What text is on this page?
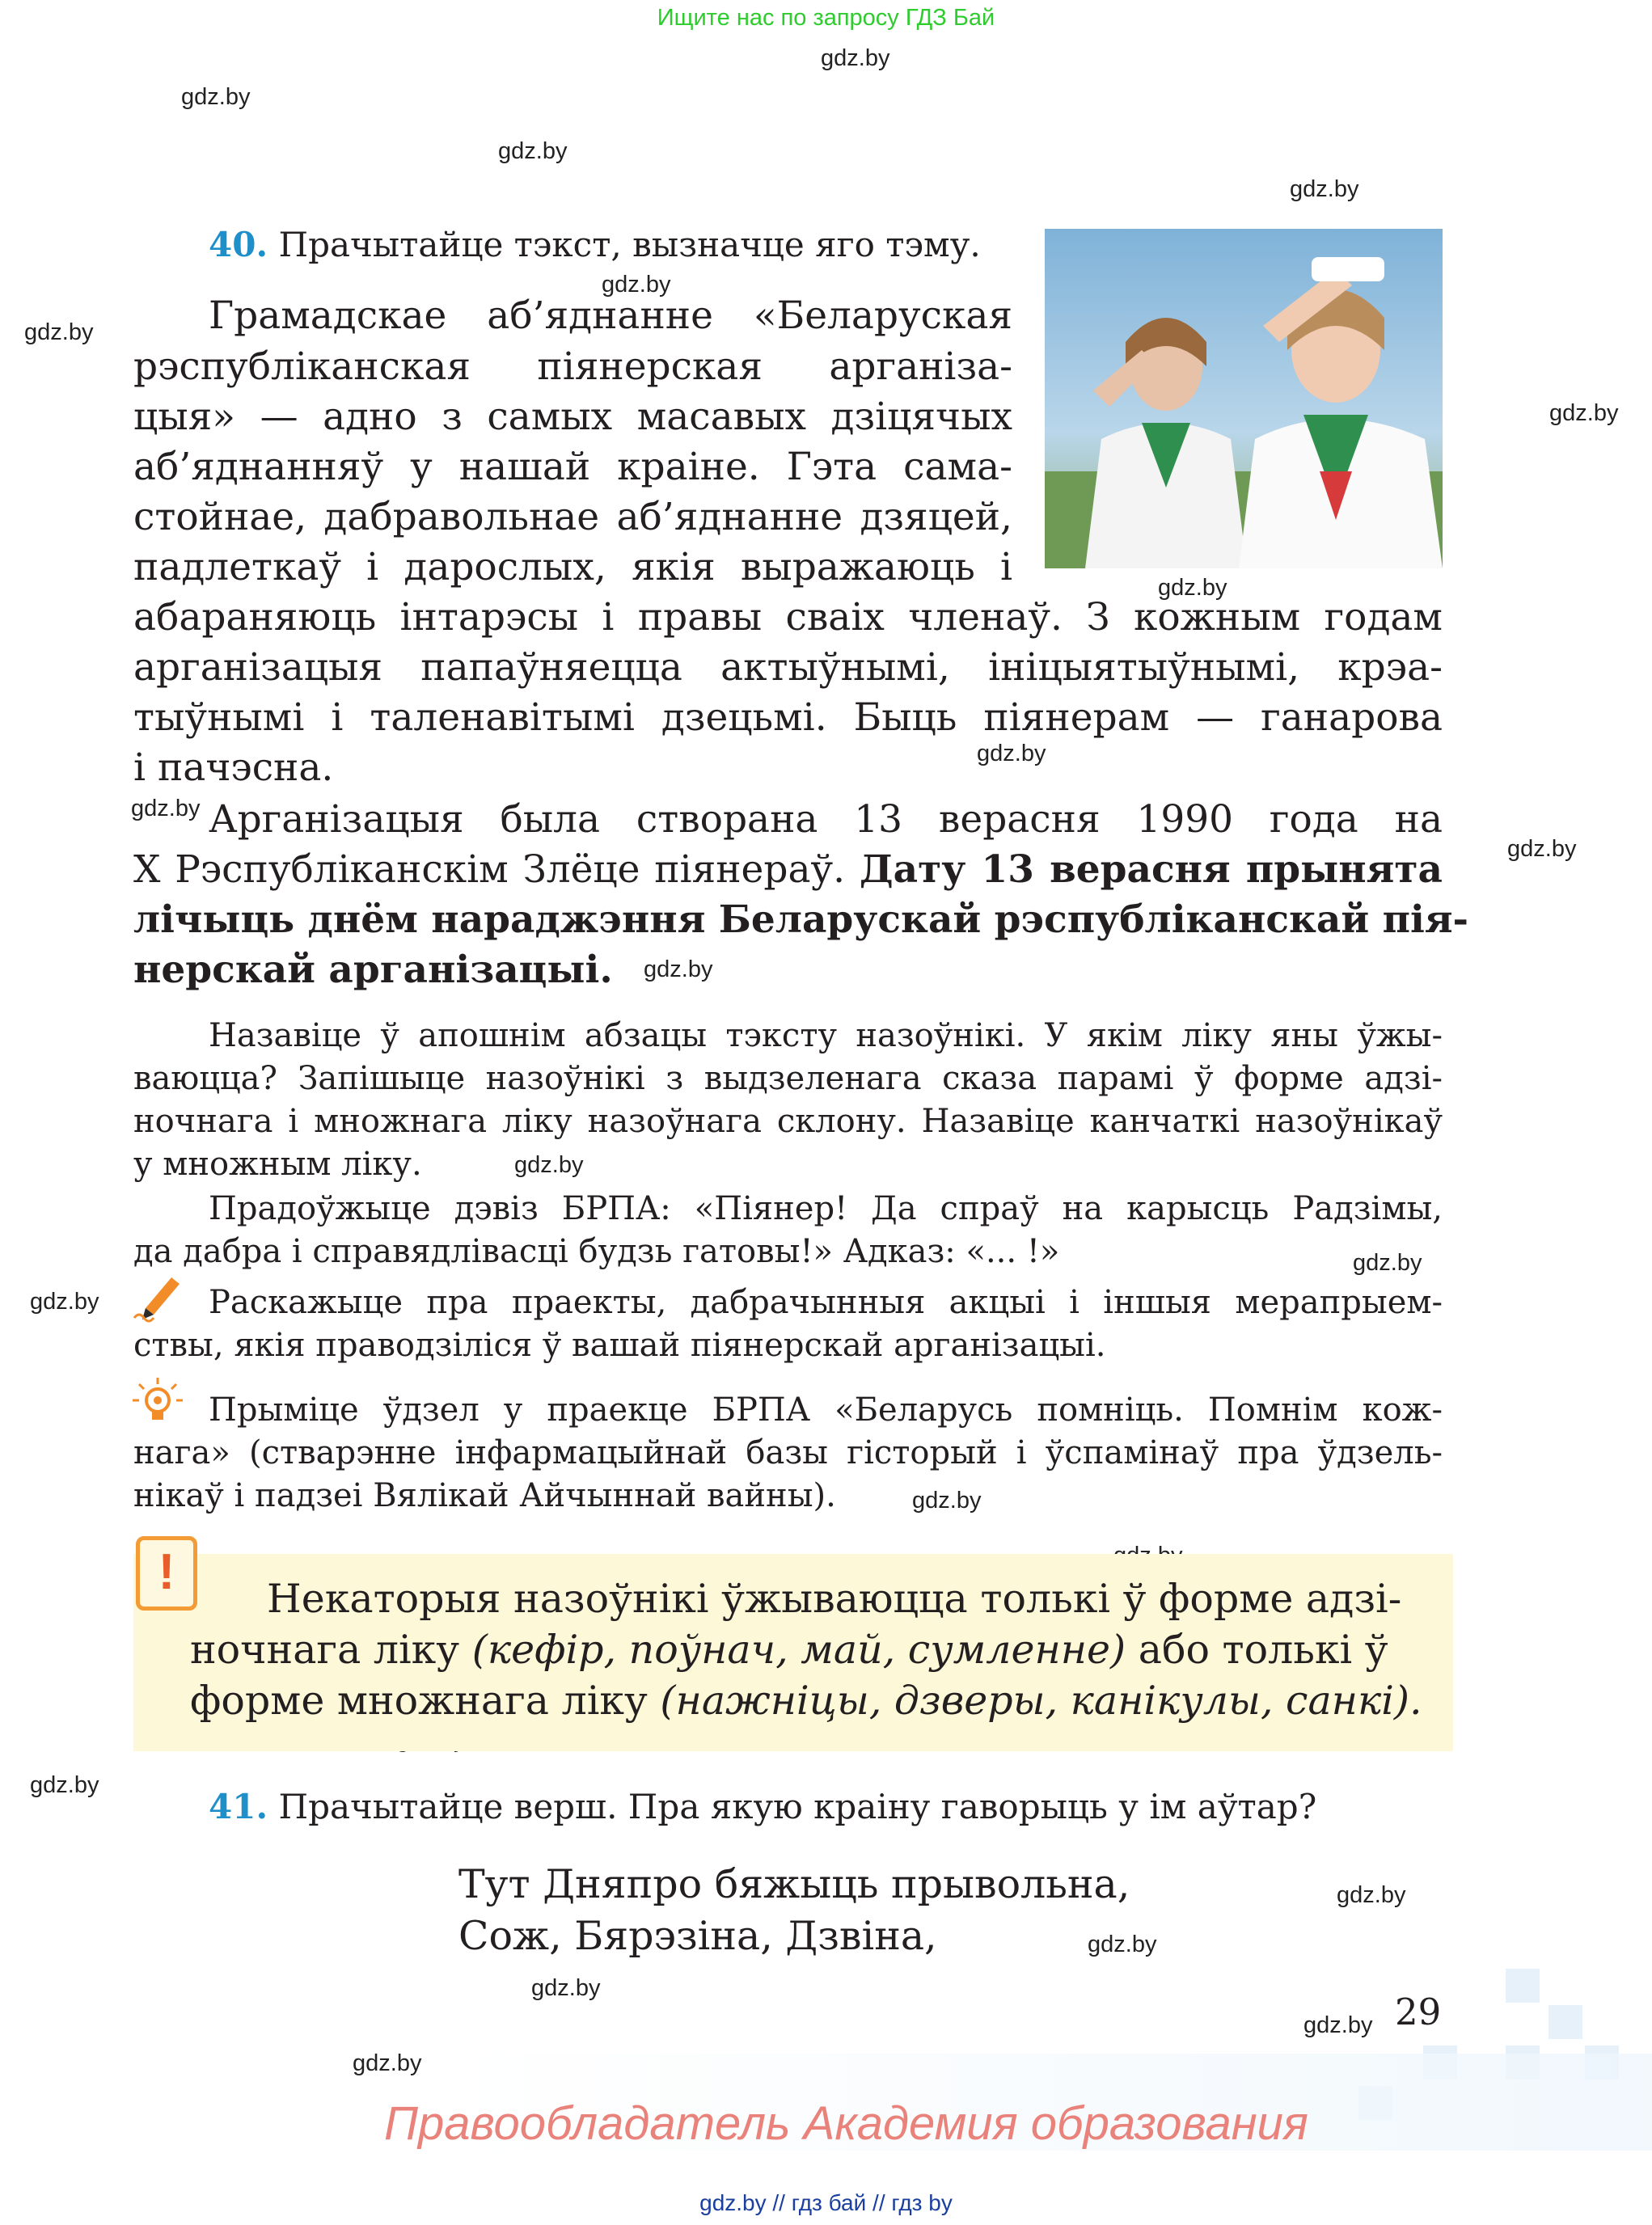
Ищите нас по запросу ГДЗ Бай
gdz.by
gdz.by
gdz.by
gdz.by
gdz.by
gdz.by
gdz.by
gdz.by
gdz.by
gdz.by
gdz.by
gdz.by
gdz.by
gdz.by
gdz.by
gdz.by
gdz.by
gdz.by
gdz.by
gdz.by
gdz.by
gdz.by
40. Прачытайце тэкст, вызначце яго тэму.
Грамадскае аб’яднанне «Беларуская
рэспубліканская піянерская арганіза-
цыя» — адно з самых масавых дзіцячых
аб’яднанняў у нашай краіне. Гэта сама-
стойнае, дабравольнае аб’яднанне дзяцей,
падлеткаў і дарослых, якія выражаюць і
абараняюць інтарэсы і правы сваіх членаў. З кожным годам
арганізацыя папаўняецца актыўнымі, ініцыятыўнымі, крэа-
тыўнымі і таленавітымі дзецьмі. Быць піянерам — ганарова
і пачэсна.
Арганізацыя была створана 13 верасня 1990 года на
X Рэспубліканскім Злёце піянераў. Дату 13 верасня прынята
лічыць днём нараджэння Беларускай рэспубліканскай пія-
нерскай арганізацыі.
Назавіце ў апошнім абзацы тэксту назоўнікі. У якім ліку яны ўжы-
ваюцца? Запішыце назоўнікі з выдзеленага сказа парамі ў форме адзі-
ночнага і множнага ліку назоўнага склону. Назавіце канчаткі назоўнікаў
у множным ліку.
Прадоўжыце дэвіз БРПА: «Піянер! Да спраў на карысць Радзімы,
да дабра і справядлівасці будзь гатовы!» Адказ: «... !»
Раскажыце пра праекты, дабрачынныя акцыі і іншыя мерапрыем-
ствы, якія праводзіліся ў вашай піянерскай арганізацыі.
Прыміце ўдзел у праекце БРПА «Беларусь помніць. Помнім кож-
нага» (стварэнне інфармацыйнай базы гісторый і ўспамінаў пра ўдзель-
нікаў і падзеі Вялікай Айчыннай вайны).
!	Некаторыя назоўнікі ўжываюцца толькі ў форме адзі-
ночнага ліку (кефір, поўнач, май, сумленне) або толькі ў
форме множнага ліку (нажніцы, дзверы, канікулы, санкі).
41. Прачытайце верш. Пра якую краіну гаворыць у ім аўтар?
Тут Дняпро бяжыць прывольна,
Сож, Бярэзіна, Дзвіна,
29
Правообладатель Академия образования
gdz.by // гдз бай // гдз by
